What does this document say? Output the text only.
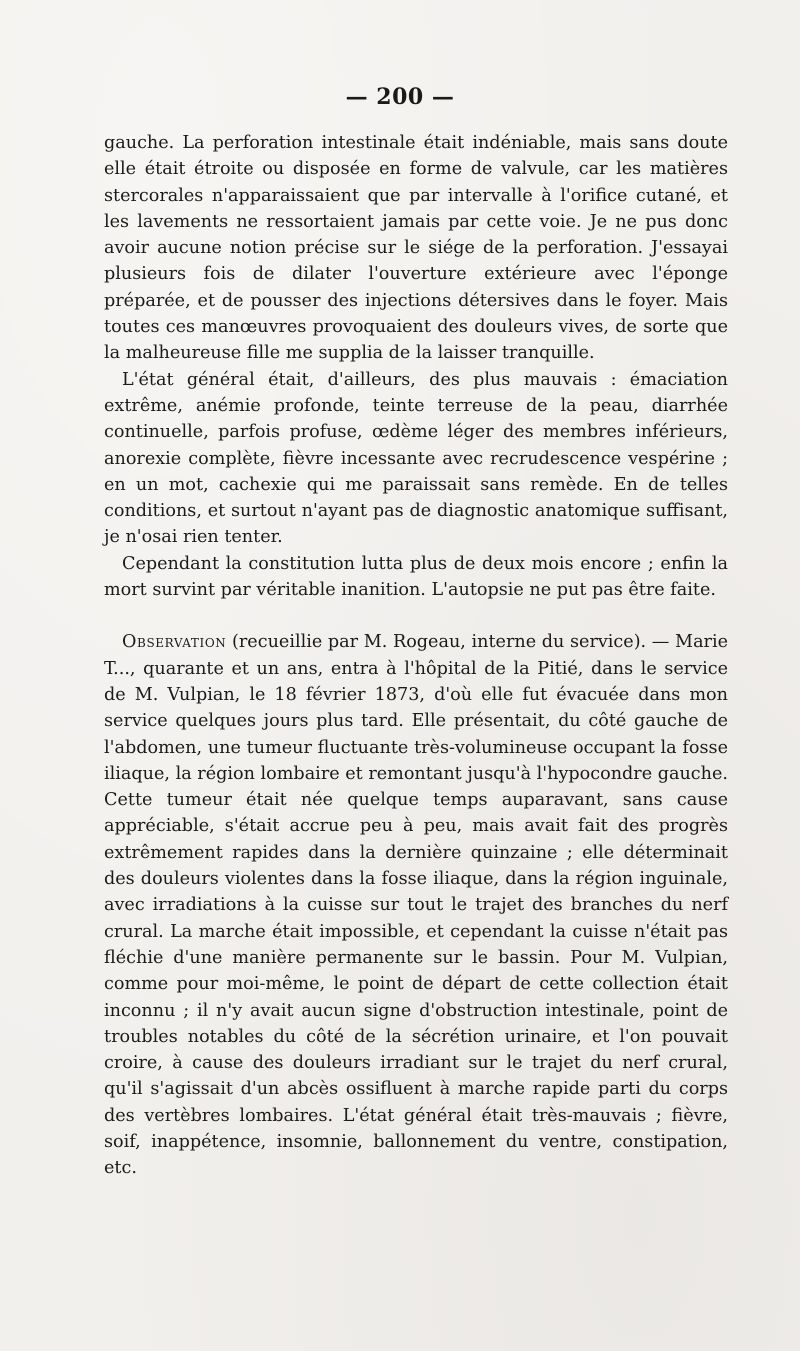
— 200 —

gauche. La perforation intestinale était indéniable, mais sans doute elle était étroite ou disposée en forme de valvule, car les matières stercorales n'apparaissaient que par intervalle à l'orifice cutané, et les lavements ne ressortaient jamais par cette voie. Je ne pus donc avoir aucune notion précise sur le siége de la perforation. J'essayai plusieurs fois de dilater l'ouverture extérieure avec l'éponge préparée, et de pousser des injections détersives dans le foyer. Mais toutes ces manœuvres provoquaient des douleurs vives, de sorte que la malheureuse fille me supplia de la laisser tranquille.

L'état général était, d'ailleurs, des plus mauvais : émaciation extrême, anémie profonde, teinte terreuse de la peau, diarrhée continuelle, parfois profuse, œdème léger des membres inférieurs, anorexie complète, fièvre incessante avec recrudescence vespérine ; en un mot, cachexie qui me paraissait sans remède. En de telles conditions, et surtout n'ayant pas de diagnostic anatomique suffisant, je n'osai rien tenter.

Cependant la constitution lutta plus de deux mois encore ; enfin la mort survint par véritable inanition. L'autopsie ne put pas être faite.

Observation (recueillie par M. Rogeau, interne du service). — Marie T..., quarante et un ans, entra à l'hôpital de la Pitié, dans le service de M. Vulpian, le 18 février 1873, d'où elle fut évacuée dans mon service quelques jours plus tard. Elle présentait, du côté gauche de l'abdomen, une tumeur fluctuante très-volumineuse occupant la fosse iliaque, la région lombaire et remontant jusqu'à l'hypocondre gauche. Cette tumeur était née quelque temps auparavant, sans cause appréciable, s'était accrue peu à peu, mais avait fait des progrès extrêmement rapides dans la dernière quinzaine ; elle déterminait des douleurs violentes dans la fosse iliaque, dans la région inguinale, avec irradiations à la cuisse sur tout le trajet des branches du nerf crural. La marche était impossible, et cependant la cuisse n'était pas fléchie d'une manière permanente sur le bassin. Pour M. Vulpian, comme pour moi-même, le point de départ de cette collection était inconnu ; il n'y avait aucun signe d'obstruction intestinale, point de troubles notables du côté de la sécrétion urinaire, et l'on pouvait croire, à cause des douleurs irradiant sur le trajet du nerf crural, qu'il s'agissait d'un abcès ossifluent à marche rapide parti du corps des vertèbres lombaires. L'état général était très-mauvais ; fièvre, soif, inappétence, insomnie, ballonnement du ventre, constipation, etc.
